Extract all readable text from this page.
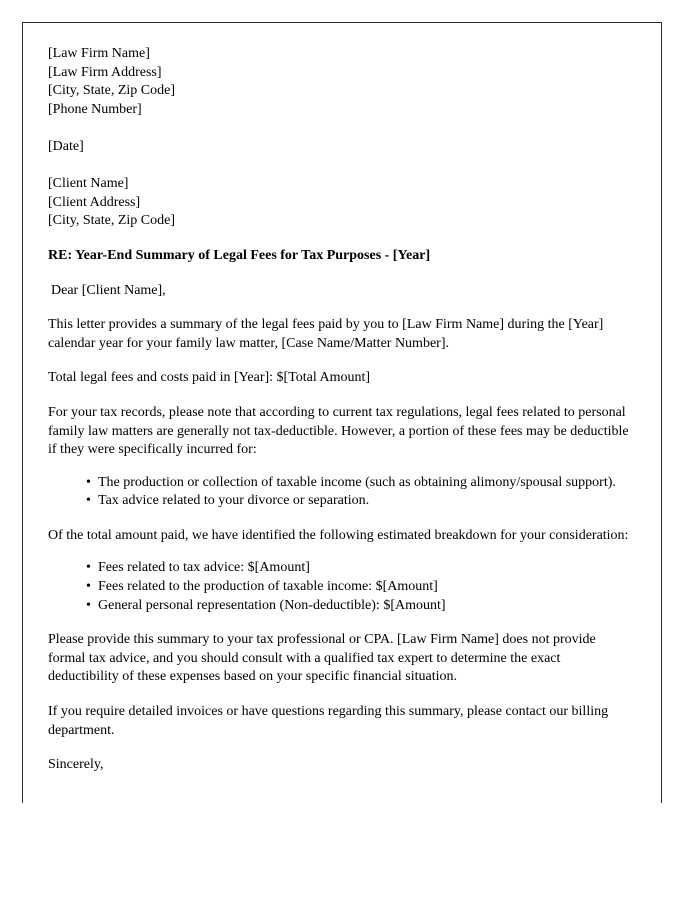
[Law Firm Name]
[Law Firm Address]
[City, State, Zip Code]
[Phone Number]
[Date]
[Client Name]
[Client Address]
[City, State, Zip Code]
RE: Year-End Summary of Legal Fees for Tax Purposes - [Year]
Dear [Client Name],

This letter provides a summary of the legal fees paid by you to [Law Firm Name] during the [Year] calendar year for your family law matter, [Case Name/Matter Number].

Total legal fees and costs paid in [Year]: $[Total Amount]

For your tax records, please note that according to current tax regulations, legal fees related to personal family law matters are generally not tax-deductible. However, a portion of these fees may be deductible if they were specifically incurred for:

• The production or collection of taxable income (such as obtaining alimony/spousal support).
• Tax advice related to your divorce or separation.

Of the total amount paid, we have identified the following estimated breakdown for your consideration:

• Fees related to tax advice: $[Amount]
• Fees related to the production of taxable income: $[Amount]
• General personal representation (Non-deductible): $[Amount]

Please provide this summary to your tax professional or CPA. [Law Firm Name] does not provide formal tax advice, and you should consult with a qualified tax expert to determine the exact deductibility of these expenses based on your specific financial situation.

If you require detailed invoices or have questions regarding this summary, please contact our billing department.

Sincerely,
